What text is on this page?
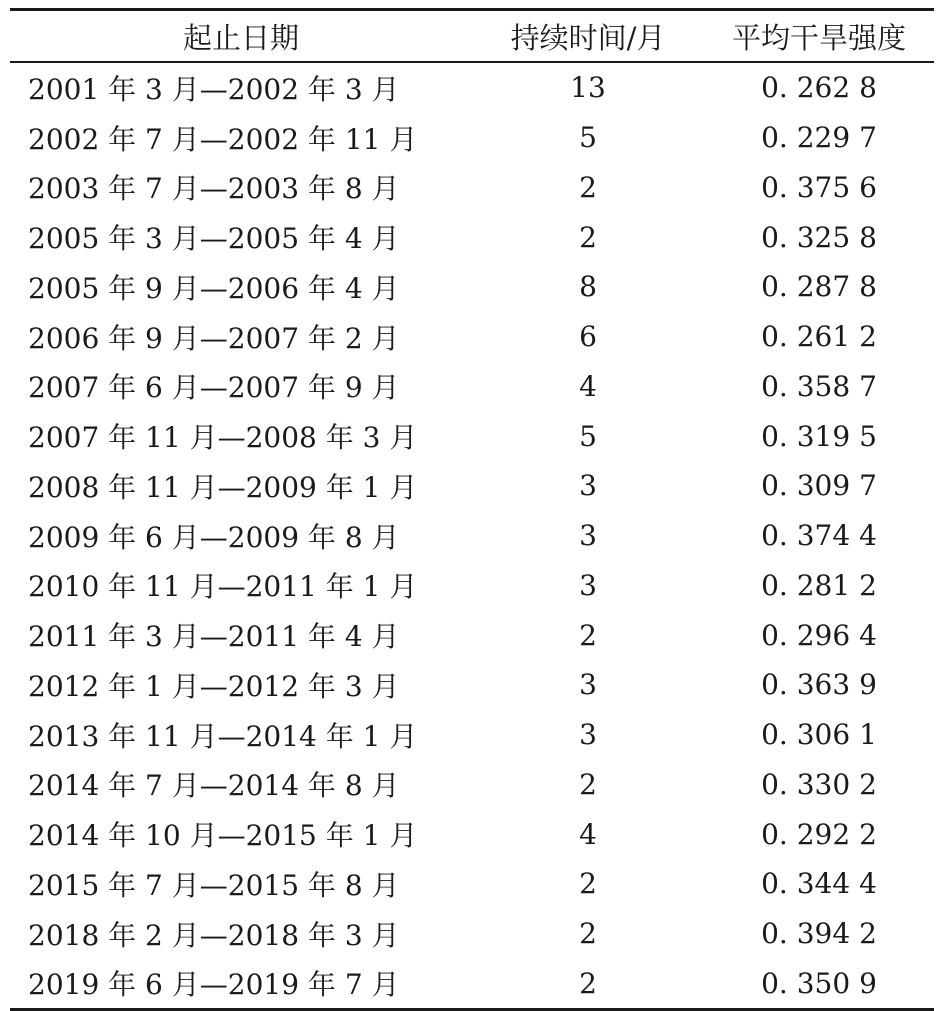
起止日期	持续时间/月	平均干旱强度
2001 年 3 月—2002 年 3 月	13	0. 262 8
2002 年 7 月—2002 年 11 月	5	0. 229 7
2003 年 7 月—2003 年 8 月	2	0. 375 6
2005 年 3 月—2005 年 4 月	2	0. 325 8
2005 年 9 月—2006 年 4 月	8	0. 287 8
2006 年 9 月—2007 年 2 月	6	0. 261 2
2007 年 6 月—2007 年 9 月	4	0. 358 7
2007 年 11 月—2008 年 3 月	5	0. 319 5
2008 年 11 月—2009 年 1 月	3	0. 309 7
2009 年 6 月—2009 年 8 月	3	0. 374 4
2010 年 11 月—2011 年 1 月	3	0. 281 2
2011 年 3 月—2011 年 4 月	2	0. 296 4
2012 年 1 月—2012 年 3 月	3	0. 363 9
2013 年 11 月—2014 年 1 月	3	0. 306 1
2014 年 7 月—2014 年 8 月	2	0. 330 2
2014 年 10 月—2015 年 1 月	4	0. 292 2
2015 年 7 月—2015 年 8 月	2	0. 344 4
2018 年 2 月—2018 年 3 月	2	0. 394 2
2019 年 6 月—2019 年 7 月	2	0. 350 9
